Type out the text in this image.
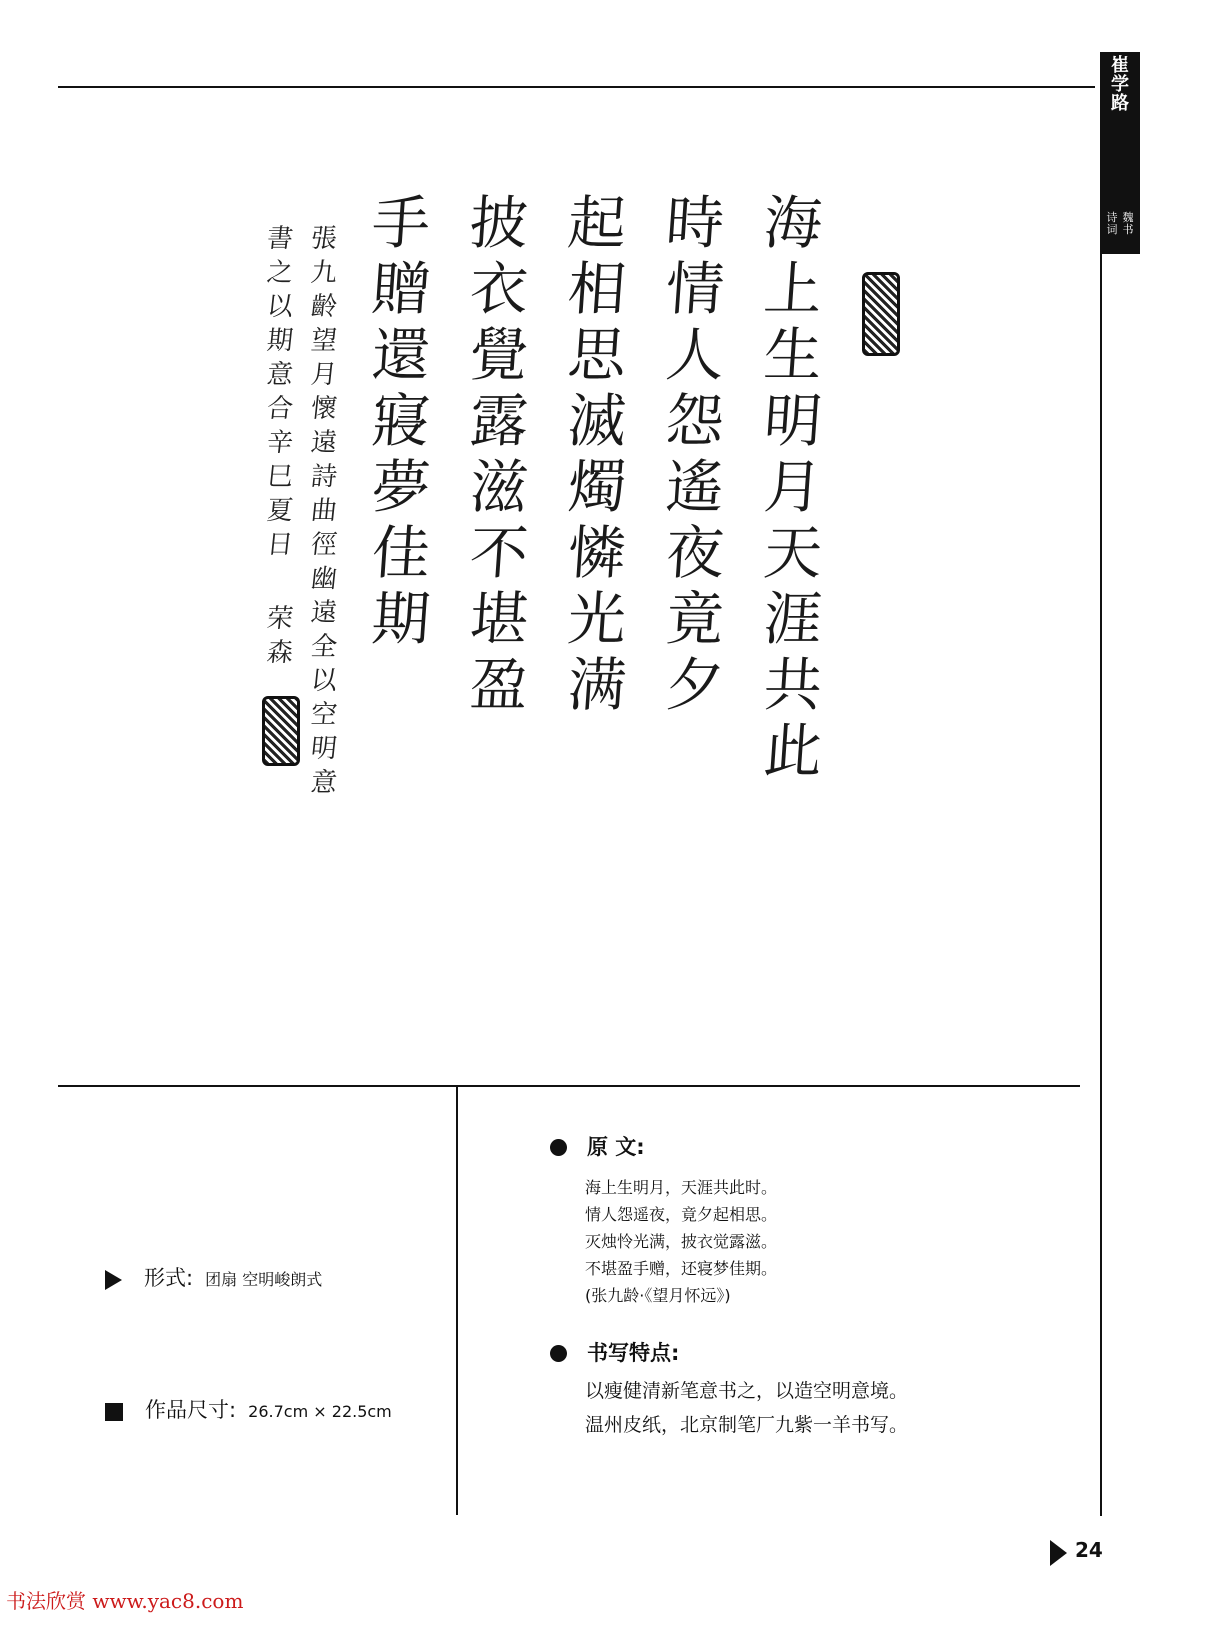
崔
学
路
诗
词
魏
书
海
上
生
明
月
天
涯
共
此
時
情
人
怨
遙
夜
竟
夕
起
相
思
滅
燭
憐
光
满
披
衣
覺
露
滋
不
堪
盈
手
贈
還
寢
夢
佳
期
張
九
齡
望
月
懷
遠
詩
曲
徑
幽
遠
全
以
空
明
意
書
之
以
期
意
合
辛
巳
夏
日
荣
森
形式: 团扇 空明峻朗式
作品尺寸: 26.7cm × 22.5cm
原 文:
海上生明月，天涯共此时。
情人怨遥夜，竟夕起相思。
灭烛怜光满，披衣觉露滋。
不堪盈手赠，还寝梦佳期。
(张九龄·《望月怀远》)
书写特点:
以瘦健清新笔意书之，以造空明意境。
温州皮纸，北京制笔厂九紫一羊书写。
24
书法欣赏 www.yac8.com
